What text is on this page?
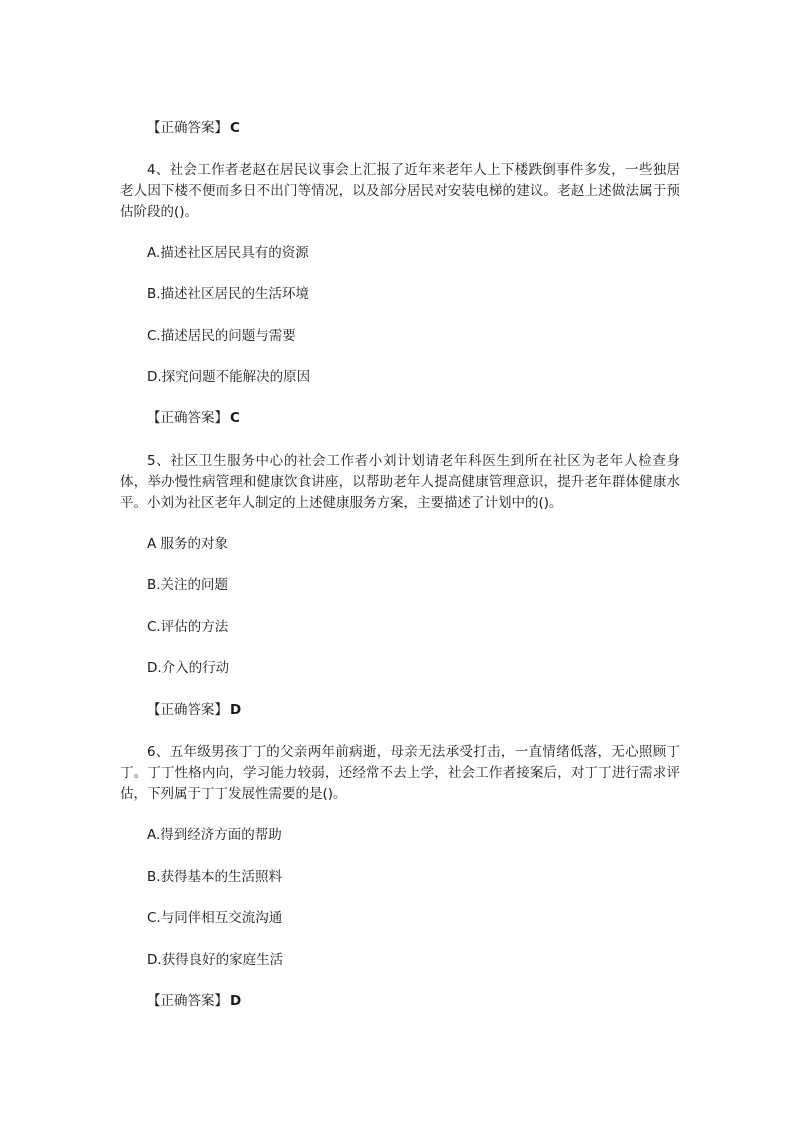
【正确答案】 C
4、社会工作者老赵在居民议事会上汇报了近年来老年人上下楼跌倒事件多发，一些独居老人因下楼不便而多日不出门等情况，以及部分居民对安装电梯的建议。老赵上述做法属于预估阶段的()。
A.描述社区居民具有的资源
B.描述社区居民的生活环境
C.描述居民的问题与需要
D.探究问题不能解决的原因
【正确答案】 C
5、社区卫生服务中心的社会工作者小刘计划请老年科医生到所在社区为老年人检查身体，举办慢性病管理和健康饮食讲座，以帮助老年人提高健康管理意识，提升老年群体健康水平。小刘为社区老年人制定的上述健康服务方案，主要描述了计划中的()。
A 服务的对象
B.关注的问题
C.评估的方法
D.介入的行动
【正确答案】 D
6、五年级男孩丁丁的父亲两年前病逝，母亲无法承受打击，一直情绪低落，无心照顾丁丁。丁丁性格内向，学习能力较弱，还经常不去上学，社会工作者接案后，对丁丁进行需求评估，下列属于丁丁发展性需要的是()。
A.得到经济方面的帮助
B.获得基本的生活照料
C.与同伴相互交流沟通
D.获得良好的家庭生活
【正确答案】 D
